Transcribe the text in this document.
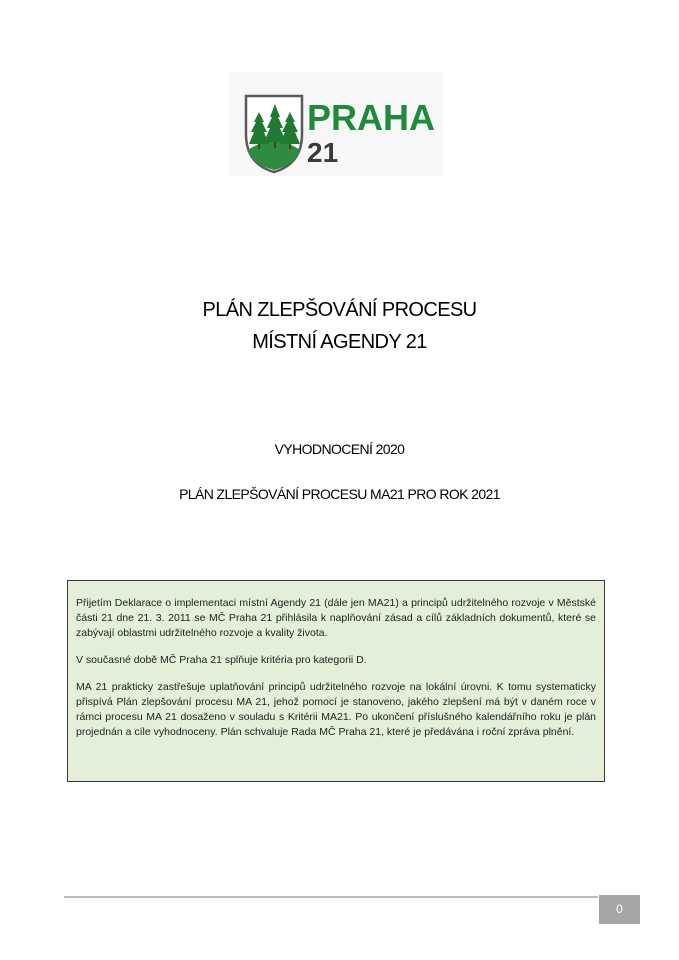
PRAHA
21
PLÁN ZLEPŠOVÁNÍ PROCESU
MÍSTNÍ AGENDY 21
VYHODNOCENÍ 2020
PLÁN ZLEPŠOVÁNÍ PROCESU MA21 PRO ROK 2021

Přijetím Deklarace o implementaci místní Agendy 21 (dále jen MA21) a principů udržitelného rozvoje v Městské části 21 dne 21. 3. 2011 se MČ Praha 21 přihlásila k naplňování zásad a cílů základních dokumentů, které se zabývají oblastmi udržitelného rozvoje a kvality života.

V současné době MČ Praha 21 splňuje kritéria pro kategorii D.

MA 21 prakticky zastřešuje uplatňování principů udržitelného rozvoje na lokální úrovni. K tomu systematicky přispívá Plán zlepšování procesu MA 21, jehož pomocí je stanoveno, jakého zlepšení má být v daném roce v rámci procesu MA 21 dosaženo v souladu s Kritérii MA21. Po ukončení příslušného kalendářního roku je plán projednán a cíle vyhodnoceny. Plán schvaluje Rada MČ Praha 21, které je předávána i roční zpráva plnění.

0
